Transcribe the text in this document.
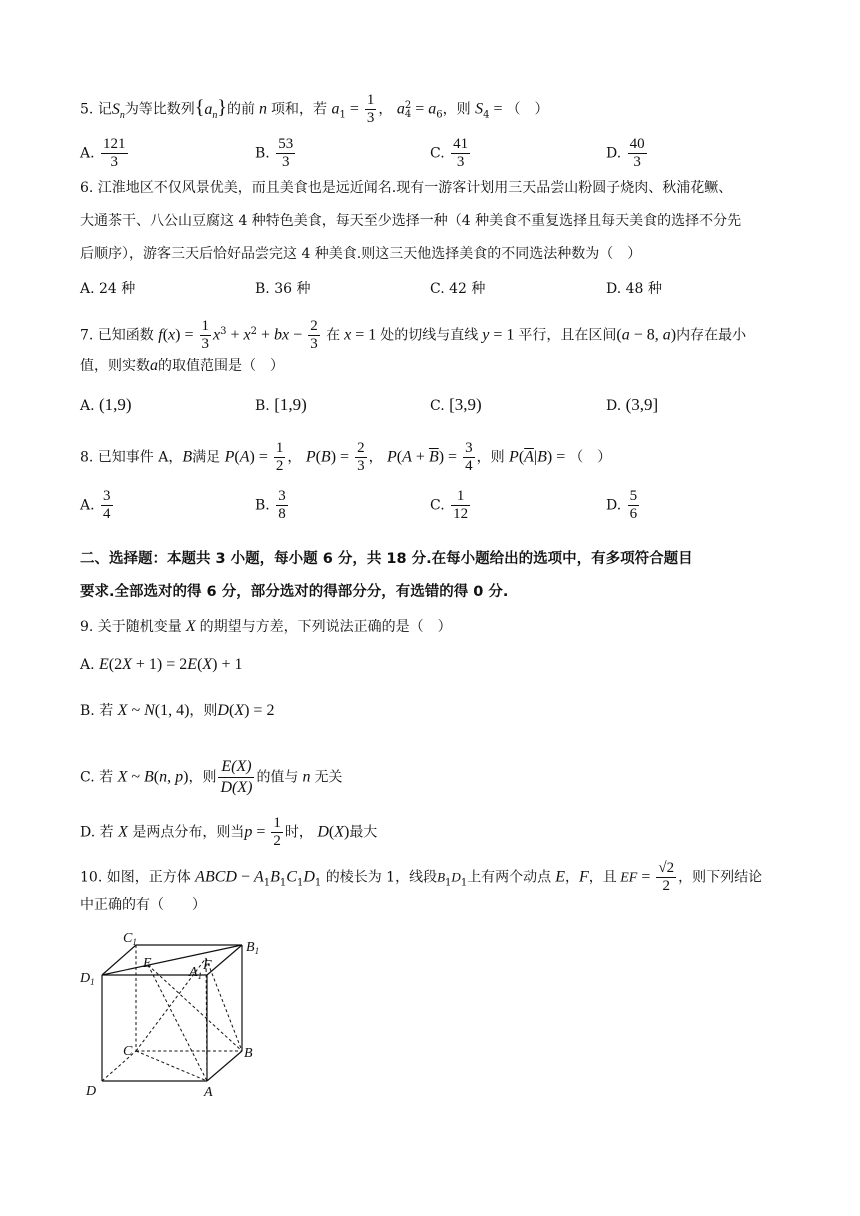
5. 记$S_n$为等比数列$\{a_n\}$的前 n 项和，若 $a_1 = \frac{1}{3}$ ， a 2
$4 = a_6$，则 $S_4$ = （　）
A. $\frac{121}{3}$	B. $\frac{53}{3}$	C. $\frac{41}{3}$	D. $\frac{40}{3}$
6. 江淮地区不仅风景优美，而且美食也是远近闻名.现有一游客计划用三天品尝山粉圆子烧肉、秋浦花鳜、
大通茶干、八公山豆腐这 4 种特色美食，每天至少选择一种（4 种美食不重复选择且每天美食的选择不分先
后顺序），游客三天后恰好品尝完这 4 种美食.则这三天他选择美食的不同选法种数为（　）
A. 24 种	B. 36 种	C. 42 种	D. 48 种
7. 已知函数 $f(x) = \frac{1}{3} x^3 + x^2$ + bx − $\frac{2}{3}$ 在 x = 1 处的切线与直线 y = 1 平行，且在区间(a − 8, a)内存在最小
值，则实数a的取值范围是（　）
A. (1,9)	B. [1,9)	C. [3,9)	D. (3,9]
8. 已知事件 A，B满足 $P(A) = \frac{1}{2}$ ， $P(B) = \frac{2}{3}$ ， $P(A + \overline{B}) = \frac{3}{4}$ ，则 $P(\overline{A}|B)$ = （　）
A. $\frac{3}{4}$	B. $\frac{3}{8}$	C. $\frac{1}{12}$	D. $\frac{5}{6}$
二、选择题：本题共 3 小题，每小题 6 分，共 18 分.在每小题给出的选项中，有多项符合题目
要求.全部选对的得 6 分，部分选对的得部分分，有选错的得 0 分.
9. 关于随机变量 X 的期望与方差，下列说法正确的是（　）
A. E(2X + 1) = 2E(X) + 1
B. 若 X ~ N(1, 4)，则D(X) = 2
C. 若 X ~ B(n, p)，则 $\frac{E(X)}{D(X)}$ 的值与 n 无关
D. 若 X 是两点分布，则当$p = \frac{1}{2}$ 时， D(X)最大
10. 如图，正方体 ABCD − $A_1B_1C_1D_1$ 的棱长为 1，线段$B_1D_1$上有两个动点 E，F，且 EF = $\frac{√2}{2}$ ，则下列结论
中正确的有（　　）
$C_1$	$B_1$
$D_1$
E	F
$A_1$
C	B
D	A
